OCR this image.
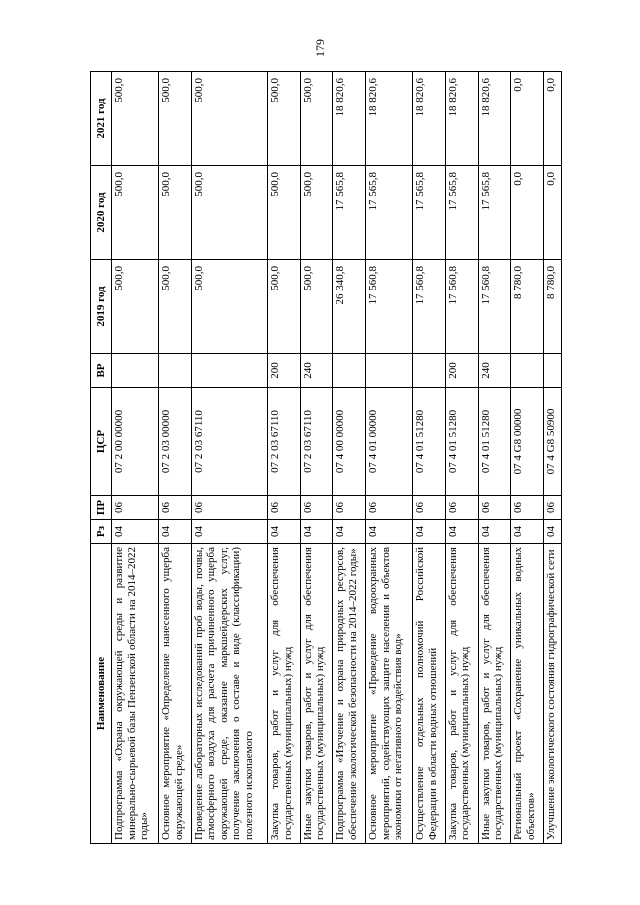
179
Наименование	Рз	ПР	ЦСР	ВР	2019 год	2020 год	2021 год
Подпрограмма «Охрана окружающей среды и развитие минерально-сырьевой базы Пензенской области на 2014–2022 годы»	04	06	07 2 00 00000		500,0	500,0	500,0
Основное мероприятие «Определение нанесенного ущерба окружающей среде»	04	06	07 2 03 00000		500,0	500,0	500,0
Проведение лабораторных исследований проб воды, почвы, атмосферного воздуха для расчета причиненного ущерба окружающей среде, оказание маркшейдерских услуг, получение заключения о составе и виде (классификации) полезного ископаемого	04	06	07 2 03 67110		500,0	500,0	500,0
Закупка товаров, работ и услуг для обеспечения государственных (муниципальных) нужд	04	06	07 2 03 67110	200	500,0	500,0	500,0
Иные закупки товаров, работ и услуг для обеспечения государственных (муниципальных) нужд	04	06	07 2 03 67110	240	500,0	500,0	500,0
Подпрограмма «Изучение и охрана природных ресурсов, обеспечение экологической безопасности на 2014–2022 годы»	04	06	07 4 00 00000		26 340,8	17 565,8	18 820,6
Основное мероприятие «Проведение водоохранных мероприятий, содействующих защите населения и объектов экономики от негативного воздействия вод»	04	06	07 4 01 00000		17 560,8	17 565,8	18 820,6
Осуществление отдельных полномочий Российской Федерации в области водных отношений	04	06	07 4 01 51280		17 560,8	17 565,8	18 820,6
Закупка товаров, работ и услуг для обеспечения государственных (муниципальных) нужд	04	06	07 4 01 51280	200	17 560,8	17 565,8	18 820,6
Иные закупки товаров, работ и услуг для обеспечения государственных (муниципальных) нужд	04	06	07 4 01 51280	240	17 560,8	17 565,8	18 820,6
Региональный проект «Сохранение уникальных водных объектов»	04	06	07 4 G8 00000		8 780,0	0,0	0,0
Улучшение экологического состояния гидрографической сети	04	06	07 4 G8 50900		8 780,0	0,0	0,0
